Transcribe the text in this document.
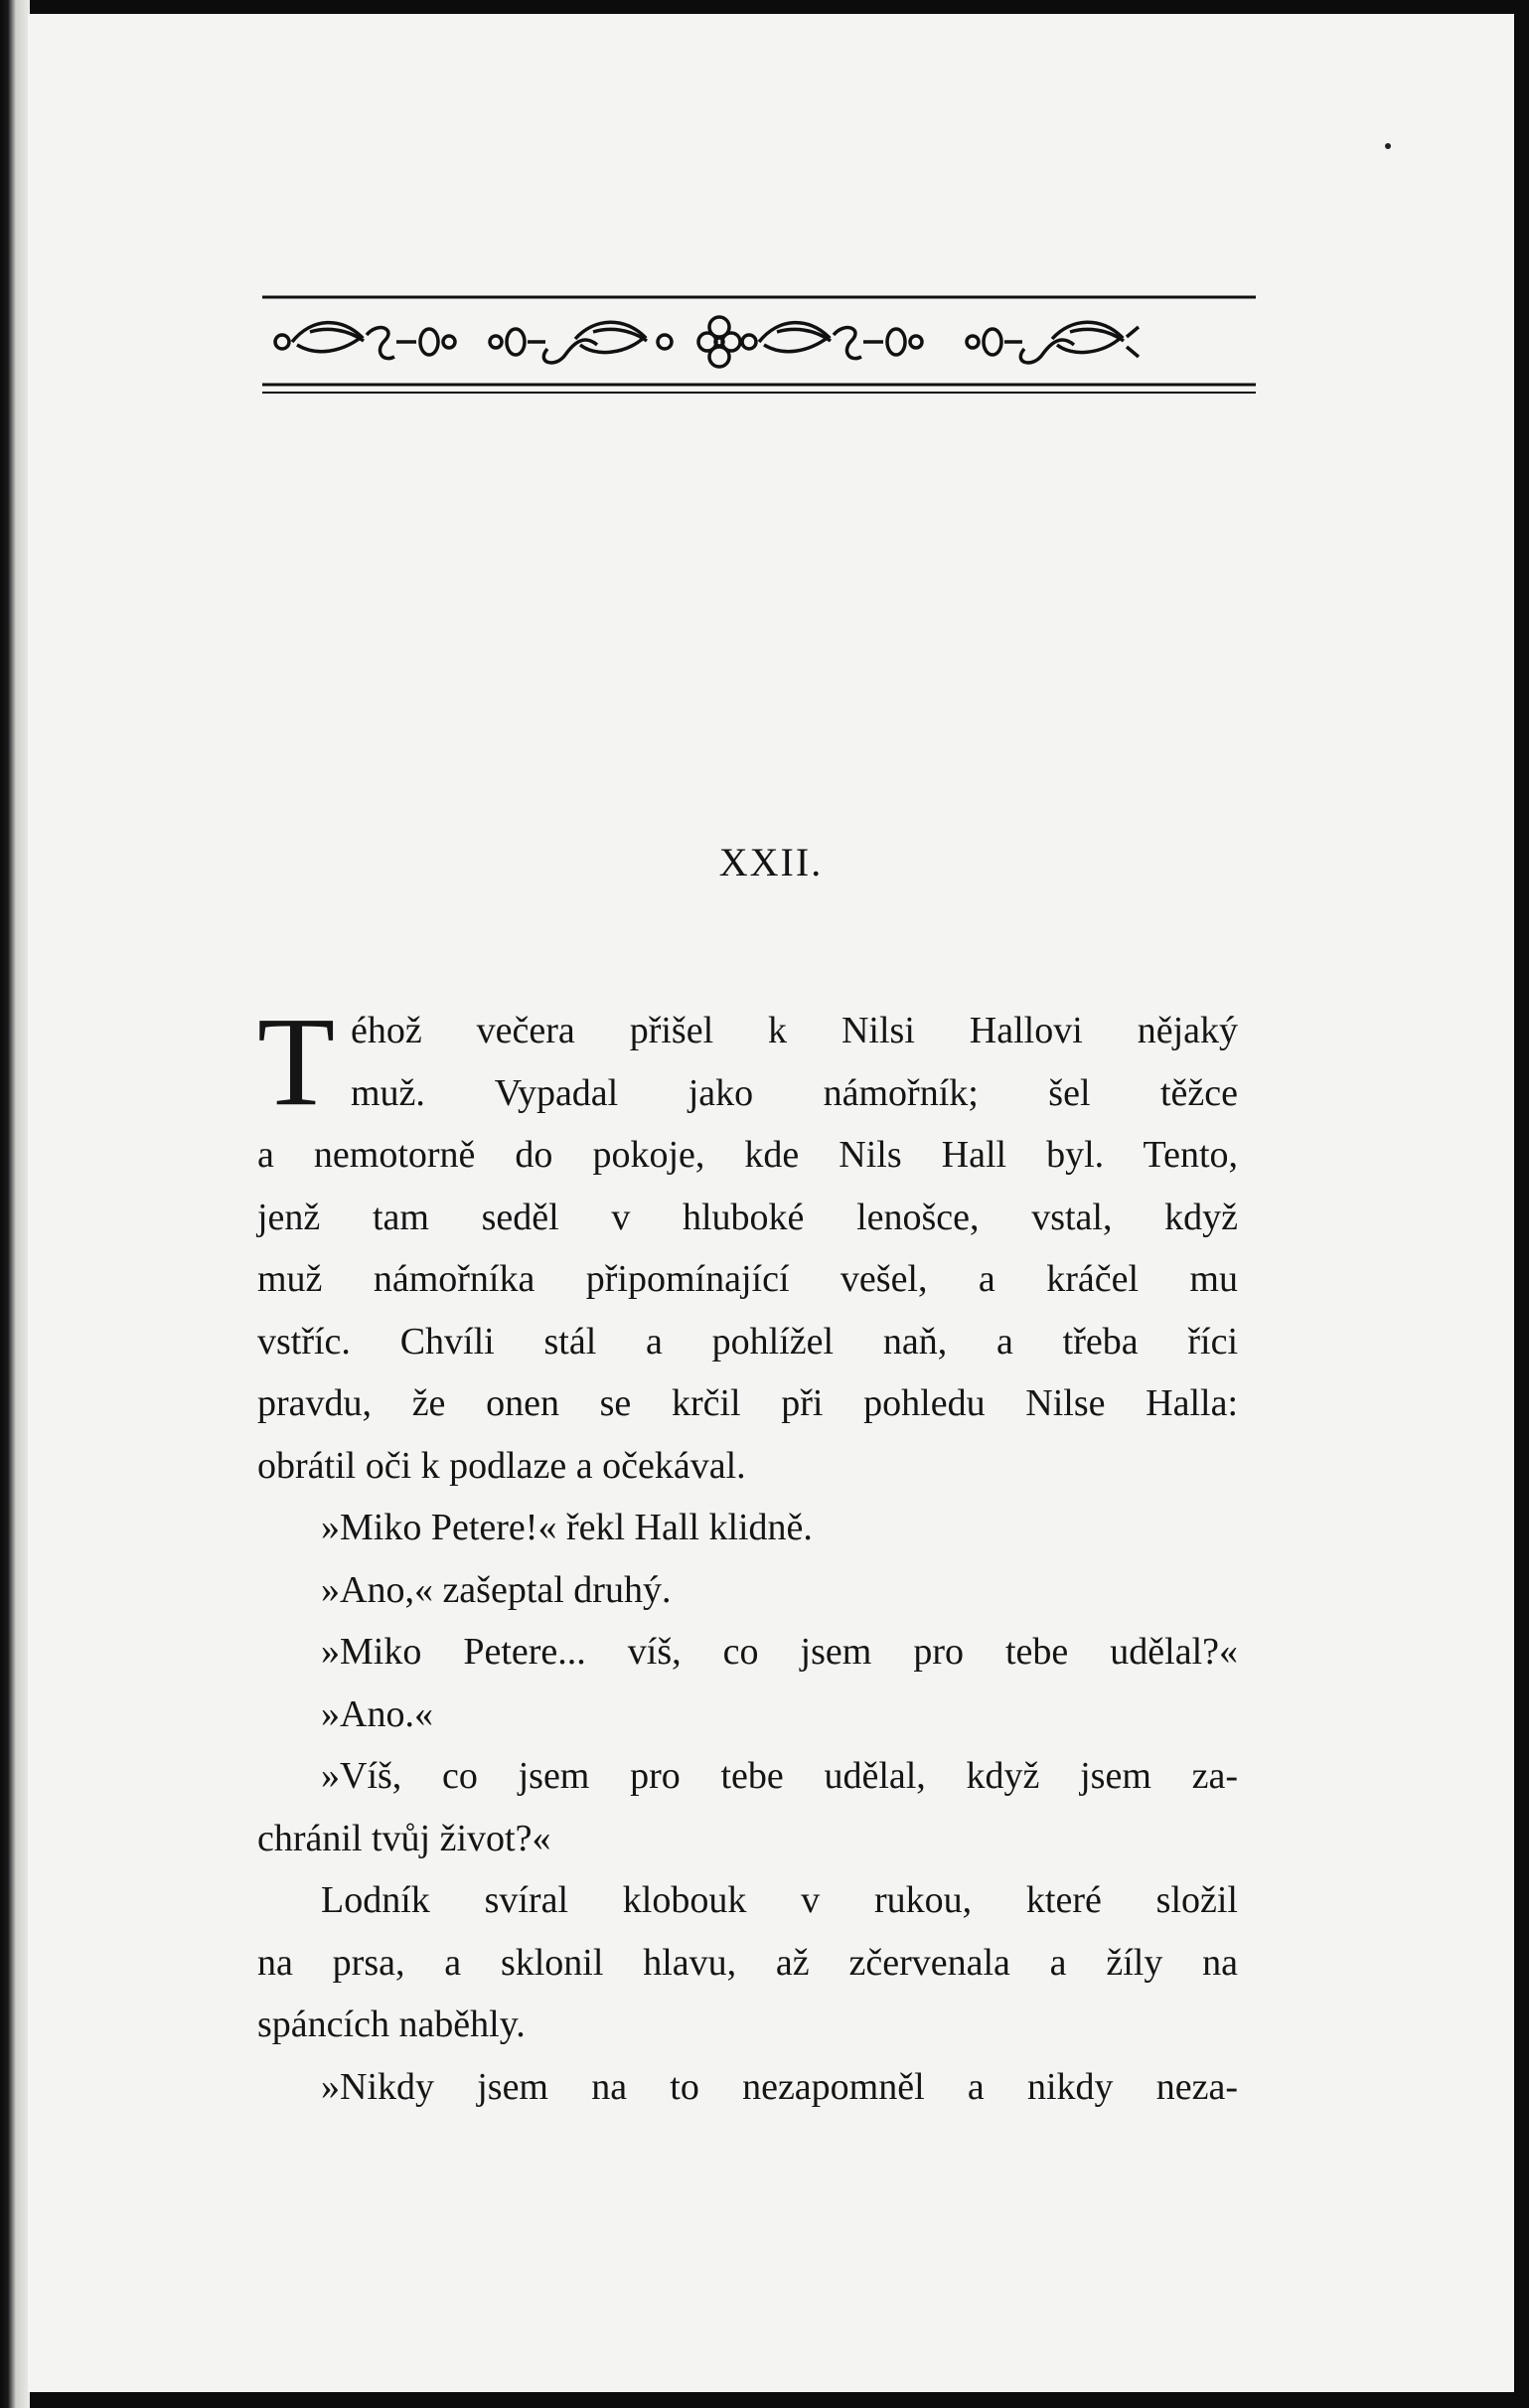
XXII.
T éhož večera přišel k Nilsi Hallovi nějaký
muž. Vypadal jako námořník; šel těžce
a nemotorně do pokoje, kde Nils Hall byl. Tento,
jenž tam seděl v hluboké lenošce, vstal, když
muž námořníka připomínající vešel, a kráčel mu
vstříc. Chvíli stál a pohlížel naň, a třeba říci
pravdu, že onen se krčil při pohledu Nilse Halla:
obrátil oči k podlaze a očekával.
»Miko Petere!« řekl Hall klidně.
»Ano,« zašeptal druhý.
»Miko Petere... víš, co jsem pro tebe udělal?«
»Ano.«
»Víš, co jsem pro tebe udělal, když jsem za-
chránil tvůj život?«
Lodník svíral klobouk v rukou, které složil
na prsa, a sklonil hlavu, až zčervenala a žíly na
spáncích naběhly.
»Nikdy jsem na to nezapomněl a nikdy neza-
